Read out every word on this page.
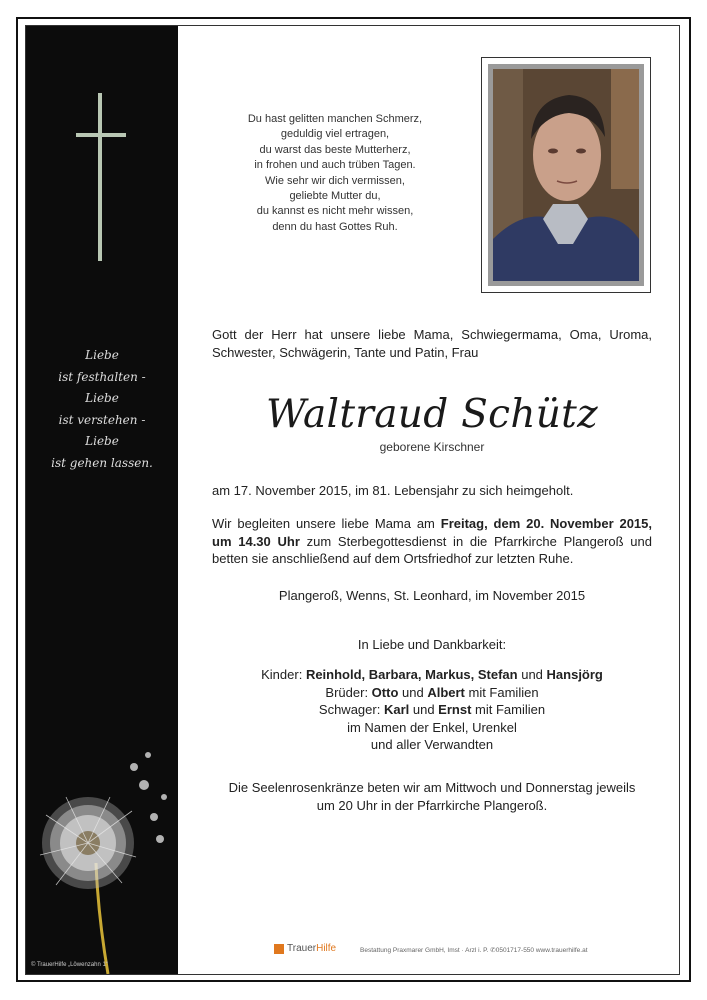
Liebe
ist festhalten -
Liebe
ist verstehen -
Liebe
ist gehen lassen.
© TrauerHilfe „Löwenzahn 1“
Du hast gelitten manchen Schmerz,
geduldig viel ertragen,
du warst das beste Mutterherz,
in frohen und auch trüben Tagen.
Wie sehr wir dich vermissen,
geliebte Mutter du,
du kannst es nicht mehr wissen,
denn du hast Gottes Ruh.
Gott der Herr hat unsere liebe Mama, Schwiegermama, Oma, Uroma, Schwester, Schwägerin, Tante und Patin, Frau
Waltraud Schütz
geborene Kirschner
am 17. November 2015, im 81. Lebensjahr zu sich heimgeholt.
Wir begleiten unsere liebe Mama am Freitag, dem 20. November 2015, um 14.30 Uhr zum Sterbegottesdienst in die Pfarrkirche Plangeroß und betten sie anschließend auf dem Ortsfriedhof zur letzten Ruhe.
Plangeroß, Wenns, St. Leonhard, im November 2015
In Liebe und Dankbarkeit:
Kinder: Reinhold, Barbara, Markus, Stefan und Hansjörg
Brüder: Otto und Albert mit Familien
Schwager: Karl und Ernst mit Familien
im Namen der Enkel, Urenkel
und aller Verwandten
Die Seelenrosenkränze beten wir am Mittwoch und Donnerstag jeweils
um 20 Uhr in der Pfarrkirche Plangeroß.
TrauerHilfe	Bestattung Praxmarer GmbH, Imst · Arzl i. P. ✆0501717-550 www.trauerhilfe.at
